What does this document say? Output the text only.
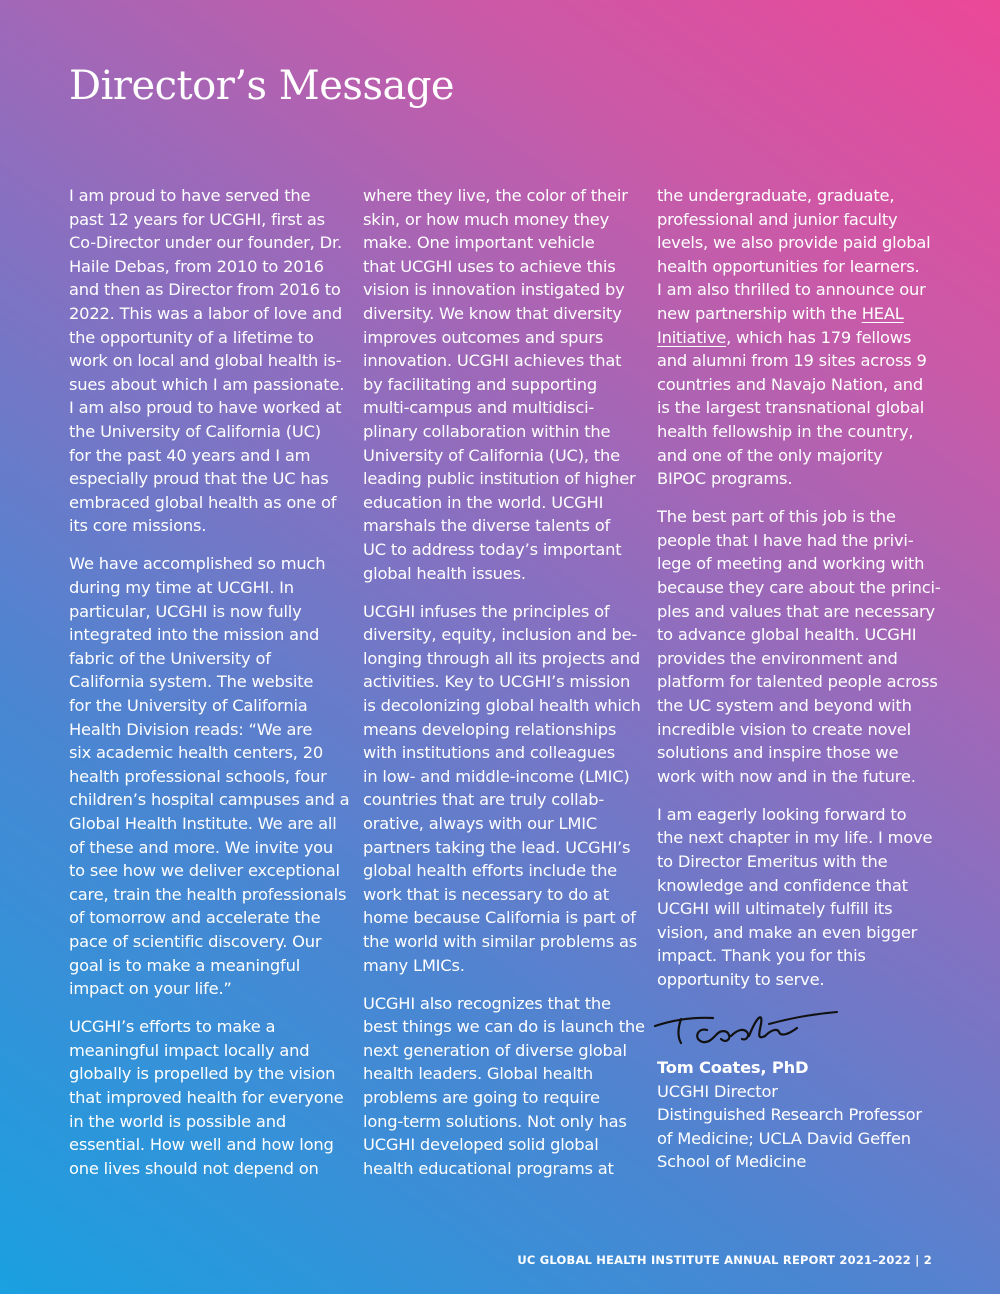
Director’s Message

I am proud to have served the
past 12 years for UCGHI, first as
Co-Director under our founder, Dr.
Haile Debas, from 2010 to 2016
and then as Director from 2016 to
2022. This was a labor of love and
the opportunity of a lifetime to
work on local and global health is-
sues about which I am passionate.
I am also proud to have worked at
the University of California (UC)
for the past 40 years and I am
especially proud that the UC has
embraced global health as one of
its core missions.

We have accomplished so much
during my time at UCGHI. In
particular, UCGHI is now fully
integrated into the mission and
fabric of the University of
California system. The website
for the University of California
Health Division reads: “We are
six academic health centers, 20
health professional schools, four
children’s hospital campuses and a
Global Health Institute. We are all
of these and more. We invite you
to see how we deliver exceptional
care, train the health professionals
of tomorrow and accelerate the
pace of scientific discovery. Our
goal is to make a meaningful
impact on your life.”

UCGHI’s efforts to make a
meaningful impact locally and
globally is propelled by the vision
that improved health for everyone
in the world is possible and
essential. How well and how long
one lives should not depend on

where they live, the color of their
skin, or how much money they
make. One important vehicle
that UCGHI uses to achieve this
vision is innovation instigated by
diversity. We know that diversity
improves outcomes and spurs
innovation. UCGHI achieves that
by facilitating and supporting
multi-campus and multidisci-
plinary collaboration within the
University of California (UC), the
leading public institution of higher
education in the world. UCGHI
marshals the diverse talents of
UC to address today’s important
global health issues.

UCGHI infuses the principles of
diversity, equity, inclusion and be-
longing through all its projects and
activities. Key to UCGHI’s mission
is decolonizing global health which
means developing relationships
with institutions and colleagues
in low- and middle-income (LMIC)
countries that are truly collab-
orative, always with our LMIC
partners taking the lead. UCGHI’s
global health efforts include the
work that is necessary to do at
home because California is part of
the world with similar problems as
many LMICs.

UCGHI also recognizes that the
best things we can do is launch the
next generation of diverse global
health leaders. Global health
problems are going to require
long-term solutions. Not only has
UCGHI developed solid global
health educational programs at

the undergraduate, graduate,
professional and junior faculty
levels, we also provide paid global
health opportunities for learners.
I am also thrilled to announce our
new partnership with the HEAL
Initiative, which has 179 fellows
and alumni from 19 sites across 9
countries and Navajo Nation, and
is the largest transnational global
health fellowship in the country,
and one of the only majority
BIPOC programs.

The best part of this job is the
people that I have had the privi-
lege of meeting and working with
because they care about the princi-
ples and values that are necessary
to advance global health. UCGHI
provides the environment and
platform for talented people across
the UC system and beyond with
incredible vision to create novel
solutions and inspire those we
work with now and in the future.

I am eagerly looking forward to
the next chapter in my life. I move
to Director Emeritus with the
knowledge and confidence that
UCGHI will ultimately fulfill its
vision, and make an even bigger
impact. Thank you for this
opportunity to serve.

Tom Coates, PhD
UCGHI Director
Distinguished Research Professor
of Medicine; UCLA David Geffen
School of Medicine
UC GLOBAL HEALTH INSTITUTE ANNUAL REPORT 2021–2022 | 2
